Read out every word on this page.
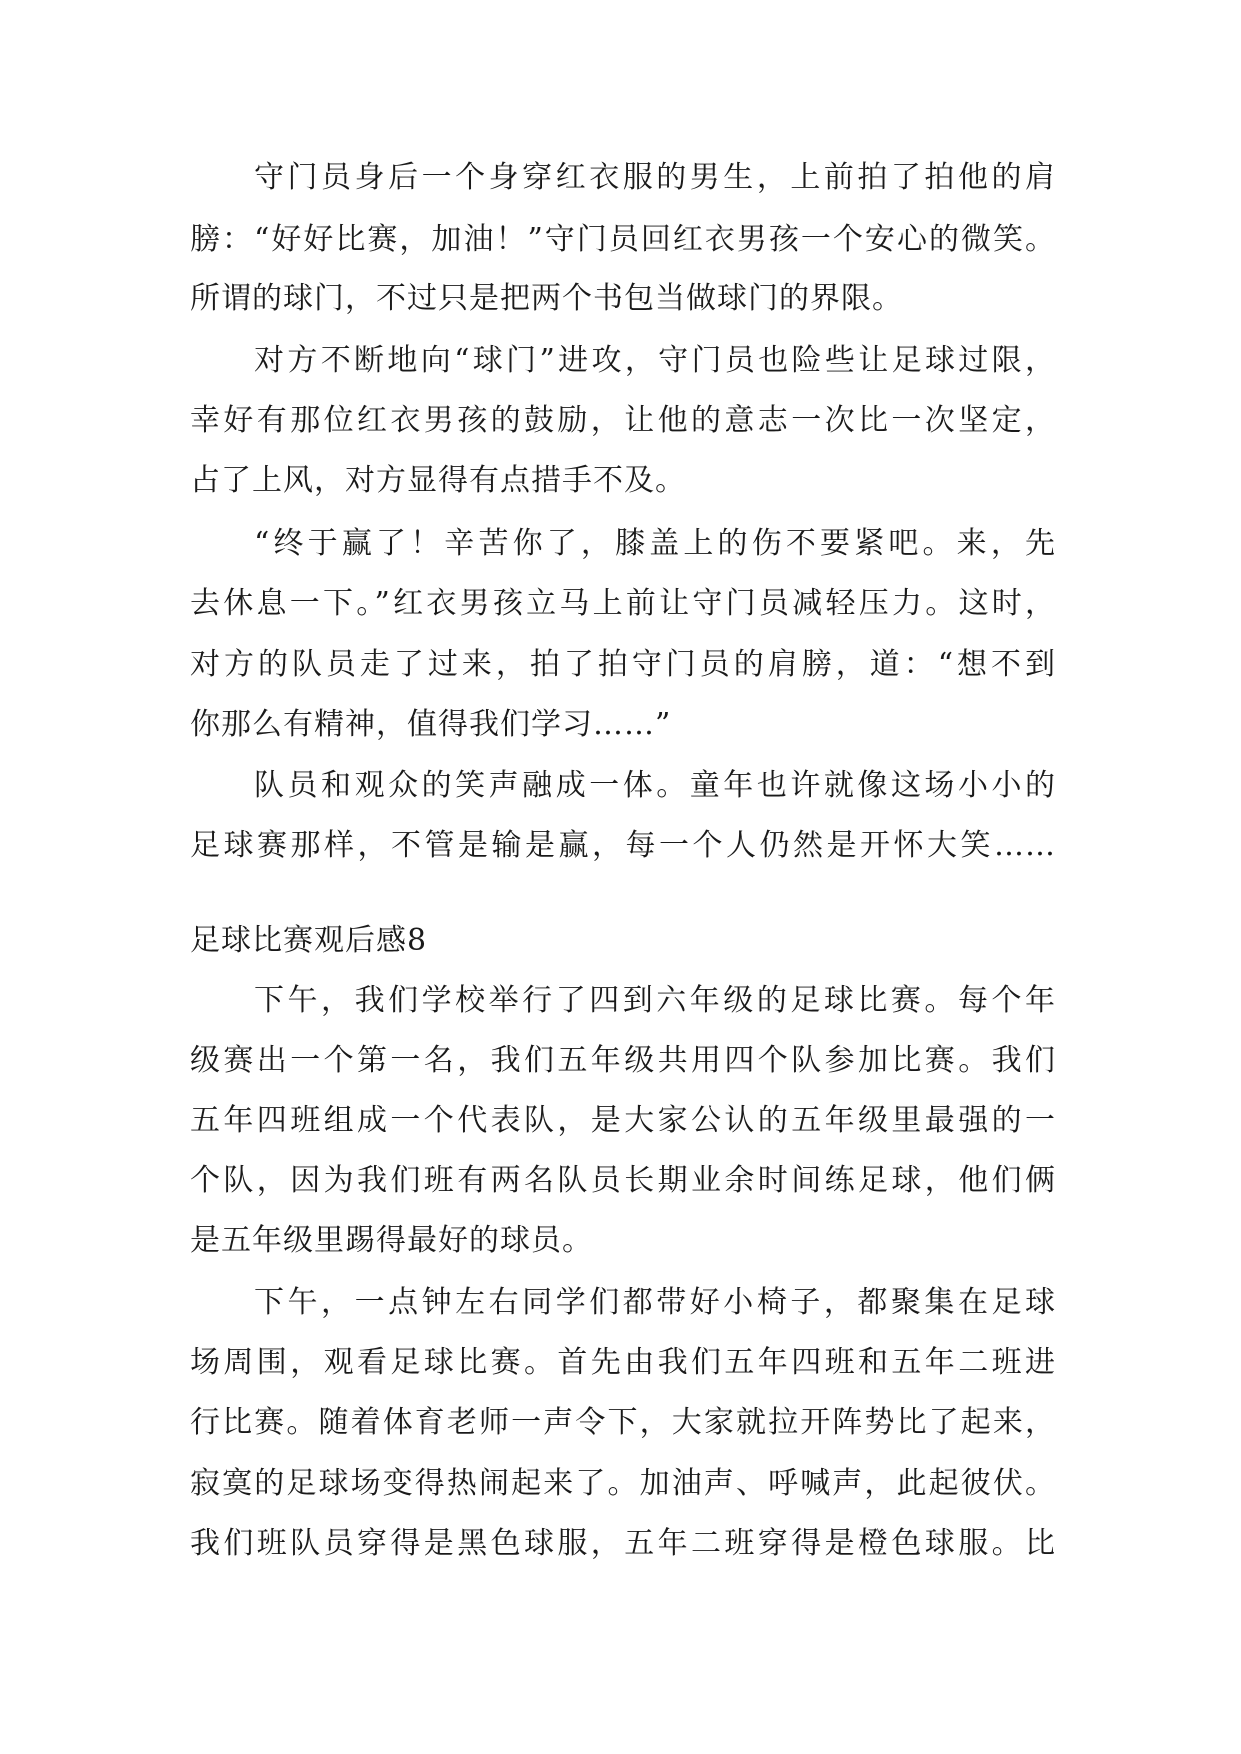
守门员身后一个身穿红衣服的男生，上前拍了拍他的肩
膀：“好好比赛，加油！”守门员回红衣男孩一个安心的微笑。
所谓的球门，不过只是把两个书包当做球门的界限。
对方不断地向“球门”进攻，守门员也险些让足球过限，
幸好有那位红衣男孩的鼓励，让他的意志一次比一次坚定，
占了上风，对方显得有点措手不及。
“终于赢了！辛苦你了，膝盖上的伤不要紧吧。来，先
去休息一下。”红衣男孩立马上前让守门员减轻压力。这时，
对方的队员走了过来，拍了拍守门员的肩膀，道：“想不到
你那么有精神，值得我们学习……”
队员和观众的笑声融成一体。童年也许就像这场小小的
足球赛那样，不管是输是赢，每一个人仍然是开怀大笑……
足球比赛观后感8
下午，我们学校举行了四到六年级的足球比赛。每个年
级赛出一个第一名，我们五年级共用四个队参加比赛。我们
五年四班组成一个代表队，是大家公认的五年级里最强的一
个队，因为我们班有两名队员长期业余时间练足球，他们俩
是五年级里踢得最好的球员。
下午，一点钟左右同学们都带好小椅子，都聚集在足球
场周围，观看足球比赛。首先由我们五年四班和五年二班进
行比赛。随着体育老师一声令下，大家就拉开阵势比了起来，
寂寞的足球场变得热闹起来了。加油声、呼喊声，此起彼伏。
我们班队员穿得是黑色球服，五年二班穿得是橙色球服。比
